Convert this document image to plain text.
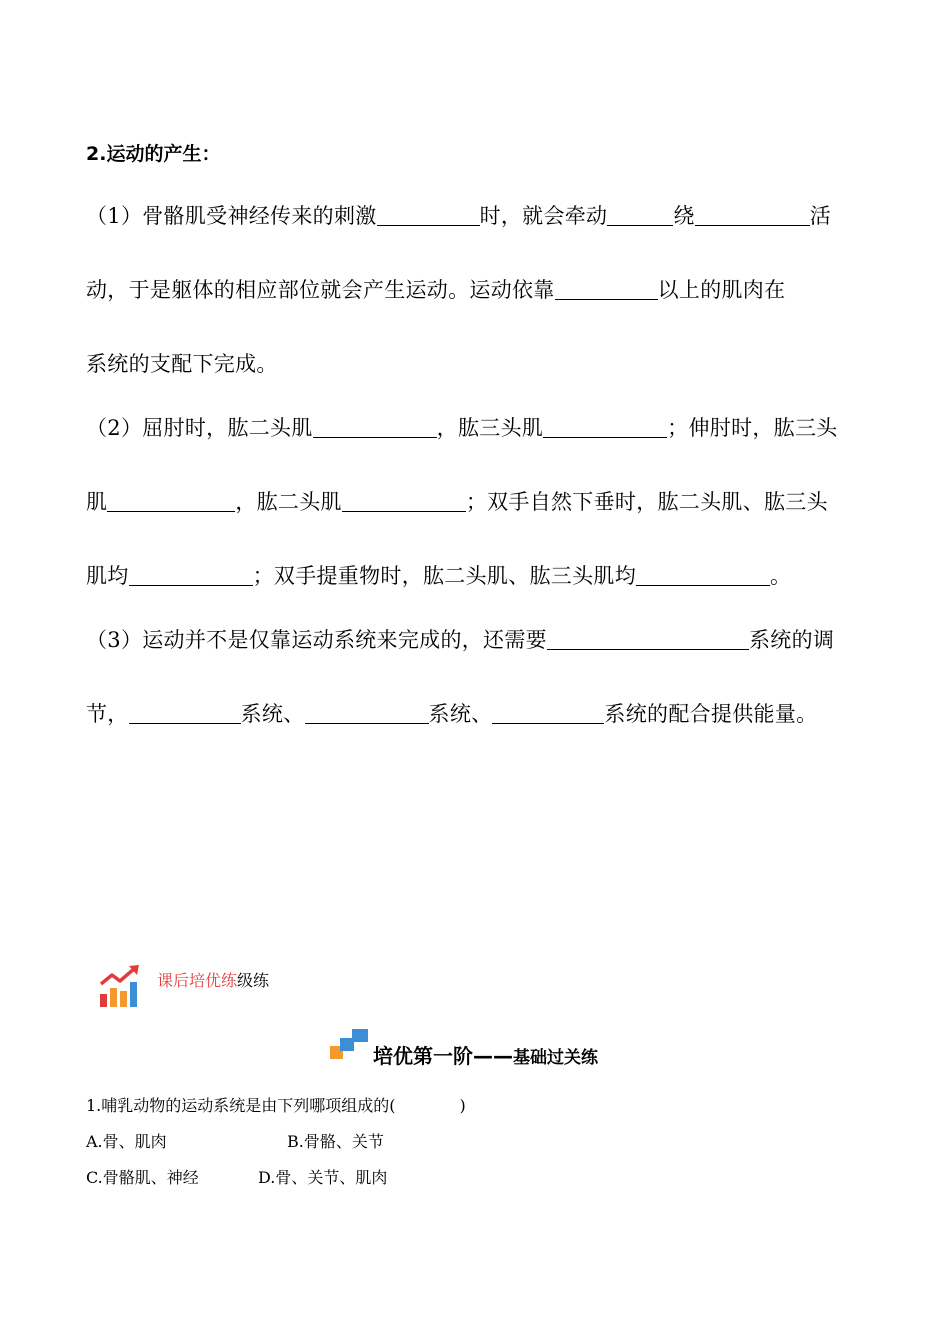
2.运动的产生：
（1）骨骼肌受神经传来的刺激	时，就会牵动	绕	活
动，于是躯体的相应部位就会产生运动。运动依靠	以上的肌肉在
系统的支配下完成。
（2）屈肘时，肱二头肌	，肱三头肌	；伸肘时，肱三头
肌	，肱二头肌	；双手自然下垂时，肱二头肌、肱三头
肌均	；双手提重物时，肱二头肌、肱三头肌均	。
（3）运动并不是仅靠运动系统来完成的，还需要	系统的调
节，	系统、	系统、	系统的配合提供能量。
课后培优练级练
培优第一阶——基础过关练
1.哺乳动物的运动系统是由下列哪项组成的(	)
A.骨、肌肉	B.骨骼、关节
C.骨骼肌、神经	D.骨、关节、肌肉
